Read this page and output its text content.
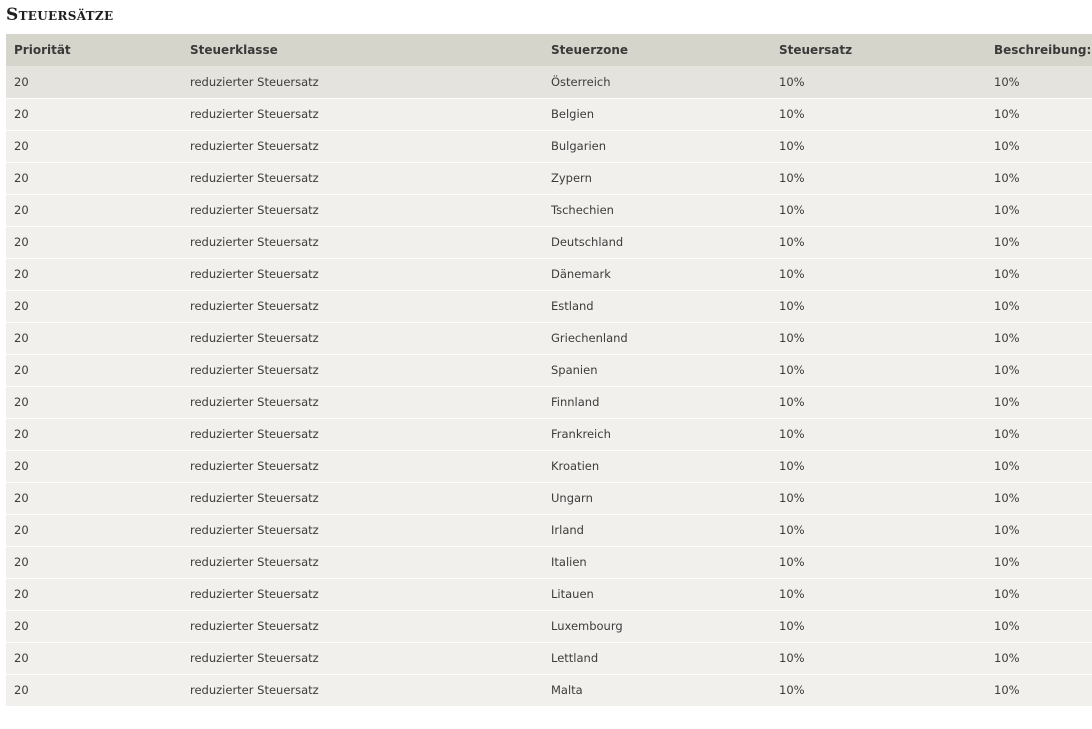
Steuersätze
Priorität	Steuerklasse	Steuerzone	Steuersatz	Beschreibung:
20	reduzierter Steuersatz	Österreich	10%	10%
20	reduzierter Steuersatz	Belgien	10%	10%
20	reduzierter Steuersatz	Bulgarien	10%	10%
20	reduzierter Steuersatz	Zypern	10%	10%
20	reduzierter Steuersatz	Tschechien	10%	10%
20	reduzierter Steuersatz	Deutschland	10%	10%
20	reduzierter Steuersatz	Dänemark	10%	10%
20	reduzierter Steuersatz	Estland	10%	10%
20	reduzierter Steuersatz	Griechenland	10%	10%
20	reduzierter Steuersatz	Spanien	10%	10%
20	reduzierter Steuersatz	Finnland	10%	10%
20	reduzierter Steuersatz	Frankreich	10%	10%
20	reduzierter Steuersatz	Kroatien	10%	10%
20	reduzierter Steuersatz	Ungarn	10%	10%
20	reduzierter Steuersatz	Irland	10%	10%
20	reduzierter Steuersatz	Italien	10%	10%
20	reduzierter Steuersatz	Litauen	10%	10%
20	reduzierter Steuersatz	Luxembourg	10%	10%
20	reduzierter Steuersatz	Lettland	10%	10%
20	reduzierter Steuersatz	Malta	10%	10%
